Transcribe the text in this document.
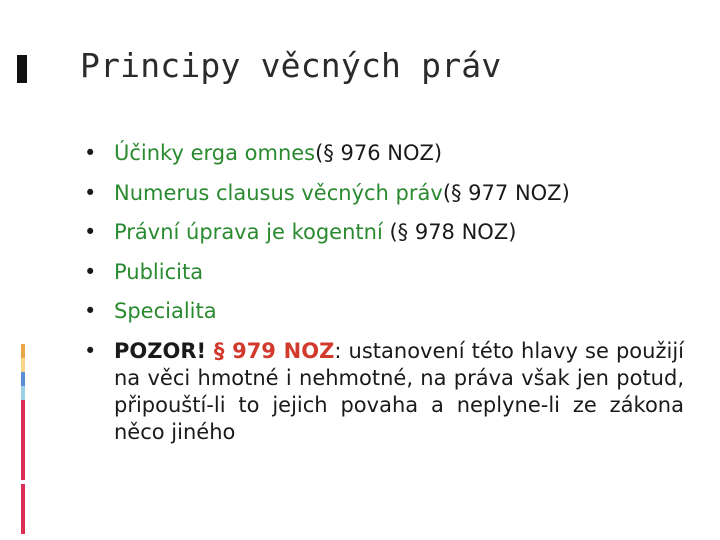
Principy věcných práv
• Účinky erga omnes(§ 976 NOZ)
• Numerus clausus věcných práv(§ 977 NOZ)
• Právní úprava je kogentní (§ 978 NOZ)
• Publicita
• Specialita
• POZOR! § 979 NOZ: ustanovení této hlavy se použijí na věci hmotné i nehmotné, na práva však jen potud, připouští-li to jejich povaha a neplyne-li ze zákona něco jiného
